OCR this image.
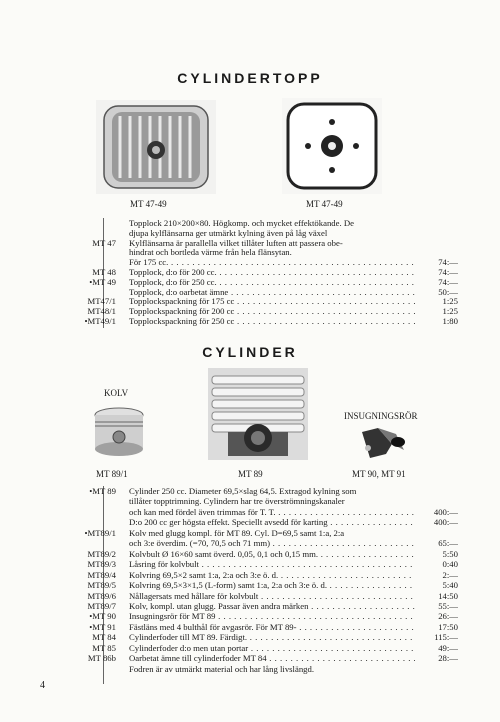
CYLINDERTOPP
MT 47-49	MT 47-49
Topplock 210×200×80. Högkomp. och mycket effektökande. De
djupa kylflänsarna ger utmärkt kylning även på låg växel
MT 47 Kylflänsarna är parallella vilket tillåter luften att passera obe-
hindrat och bortleda värme från hela flänsytan.
För 175 cc. . . .	74:—
MT 48 Topplock, d:o för 200 cc. . . .	74:—
•MT 49 Topplock, d:o för 250 cc. . . .	74:—
Topplock, d:o oarbetat ämne . . .	50:—
MT47/1 Topplockspackning för 175 cc . . .	1:25
MT48/1 Topplockspackning för 200 cc . . .	1:25
•MT49/1 Topplockspackning för 250 cc . . .	1:80
CYLINDER
KOLV
INSUGNINGSRÖR
MT 89/1	MT 89	MT 90, MT 91
•MT 89 Cylinder 250 cc. Diameter 69,5×slag 64,5. Extragod kylning som
tillåter topptrimning. Cylindern har tre överströmningskanaler
och kan med fördel även trimmas för T. T. . . .	400:—
D:o 200 cc ger högsta effekt. Speciellt avsedd för karting . . .	400:—
•MT89/1 Kolv med glugg kompl. för MT 89. Cyl. D=69,5 samt 1:a, 2:a
och 3:e överdim. (=70, 70,5 och 71 mm) . . .	65:—
MT89/2 Kolvbult Ø 16×60 samt överd. 0,05, 0,1 och 0,15 mm. . . .	5:50
MT89/3 Låsring för kolvbult . . .	0:40
MT89/4 Kolvring 69,5×2 samt 1:a, 2:a och 3:e ö. d. . . .	2:—
MT89/5 Kolvring 69,5×3×1,5 (L-form) samt 1:a, 2:a och 3:e ö. d. . . .	5:40
MT89/6 Nållagersats med hållare för kolvbult . . .	14:50
MT89/7 Kolv, kompl. utan glugg. Passar även andra märken . . .	55:—
•MT 90 Insugningsrör för MT 89 . . .	26:—
•MT 91 Fästläns med 4 bulthål för avgasrör. För MT 89- . . .	17:50
MT 84 Cylinderfoder till MT 89. Färdigt. . . .	115:—
MT 85 Cylinderfoder d:o men utan portar . . .	49:—
MT 86b Oarbetat ämne till cylinderfoder MT 84 . . .	28:—
Fodren är av utmärkt material och har lång livslängd.
4
